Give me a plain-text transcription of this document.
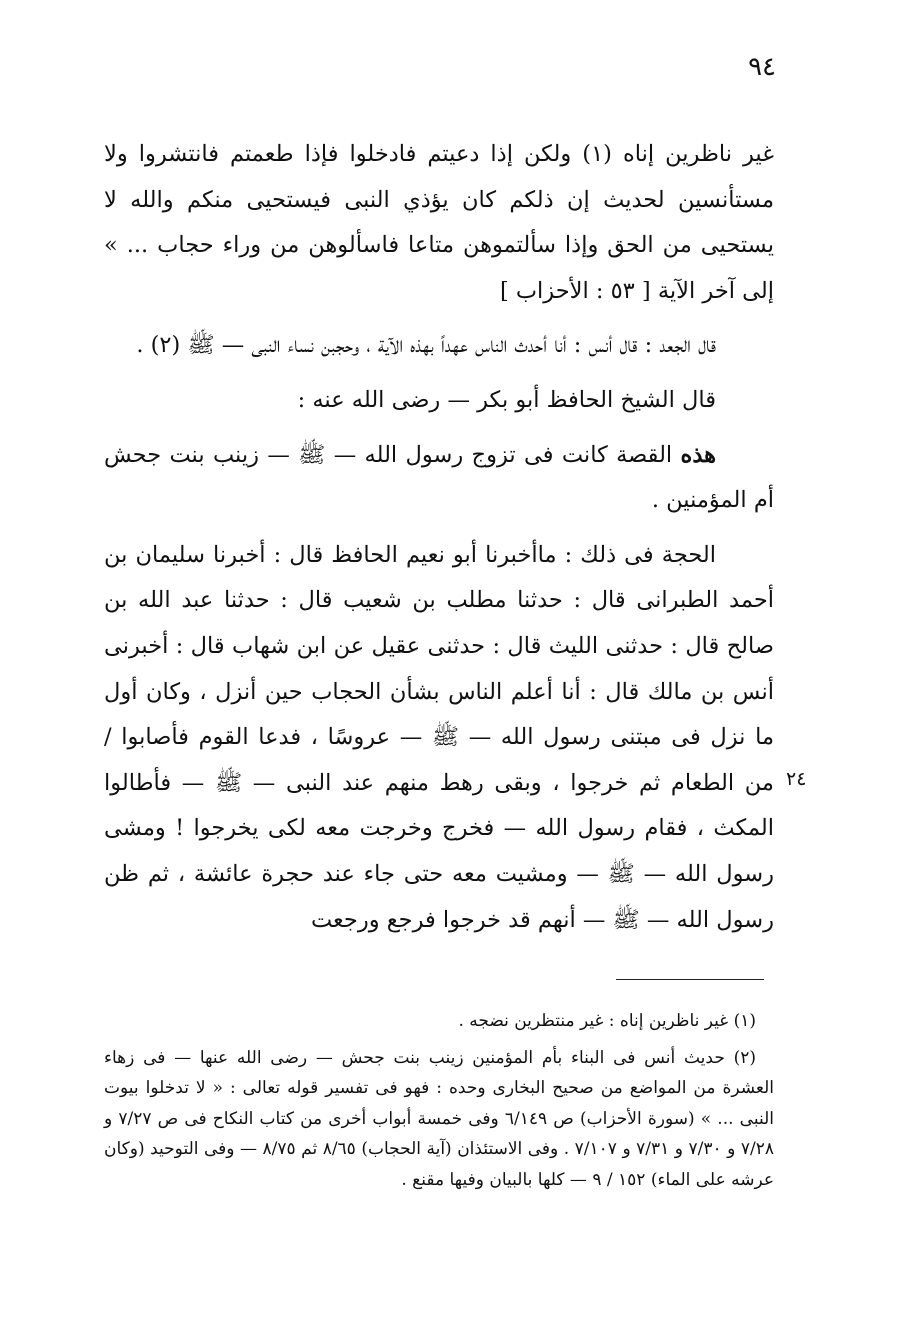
٩٤

غير ناظرين إناه (١) ولكن إذا دعيتم فادخلوا فإذا طعمتم فانتشروا ولا مستأنسين لحديث إن ذلكم كان يؤذي النبى فيستحيى منكم والله لا يستحيى من الحق وإذا سألتموهن متاعا فاسألوهن من وراء حجاب ... » إلى آخر الآية [ ٥٣ : الأحزاب ]

قال الجعد : قال أنس : أنا أحدث الناس عهداً بهذه الآية ، وحجبن نساء النبى — ﷺ (٢) .

قال الشيخ الحافظ أبو بكر — رضى الله عنه :

هذه القصة كانت فى تزوج رسول الله — ﷺ — زينب بنت جحش أم المؤمنين .

الحجة فى ذلك : ماأخبرنا أبو نعيم الحافظ قال : أخبرنا سليمان بن أحمد الطبرانى قال : حدثنا مطلب بن شعيب قال : حدثنا عبد الله بن صالح قال : حدثنى الليث قال : حدثنى عقيل عن ابن شهاب قال : أخبرنى أنس بن مالك قال : أنا أعلم الناس بشأن الحجاب حين أنزل ، وكان أول ما نزل فى مبتنى رسول الله — ﷺ — عروسًا ، فدعا القوم فأصابوا / من الطعام ثم خرجوا ، وبقى رهط منهم عند النبى — ﷺ — فأطالوا المكث ، فقام رسول الله — فخرج وخرجت معه لكى يخرجوا ! ومشى رسول الله — ﷺ — ومشيت معه حتى جاء عند حجرة عائشة ، ثم ظن رسول الله — ﷺ — أنهم قد خرجوا فرجع ورجعت

٢٤

(١) غير ناظرين إناه : غير منتظرين نضجه .

(٢) حديث أنس فى البناء بأم المؤمنين زينب بنت جحش — رضى الله عنها — فى زهاء العشرة من المواضع من صحيح البخارى وحده : فهو فى تفسير قوله تعالى : « لا تدخلوا بيوت النبى ... » (سورة الأحزاب) ص ٦/١٤٩ وفى خمسة أبواب أخرى من كتاب النكاح فى ص ٧/٢٧ و ٧/٢٨ و ٧/٣٠ و ٧/٣١ و ٧/١٠٧ . وفى الاستئذان (آية الحجاب) ٨/٦٥ ثم ٨/٧٥ — وفى التوحيد (وكان عرشه على الماء) ١٥٢ / ٩ — كلها بالبيان وفيها مقنع .
